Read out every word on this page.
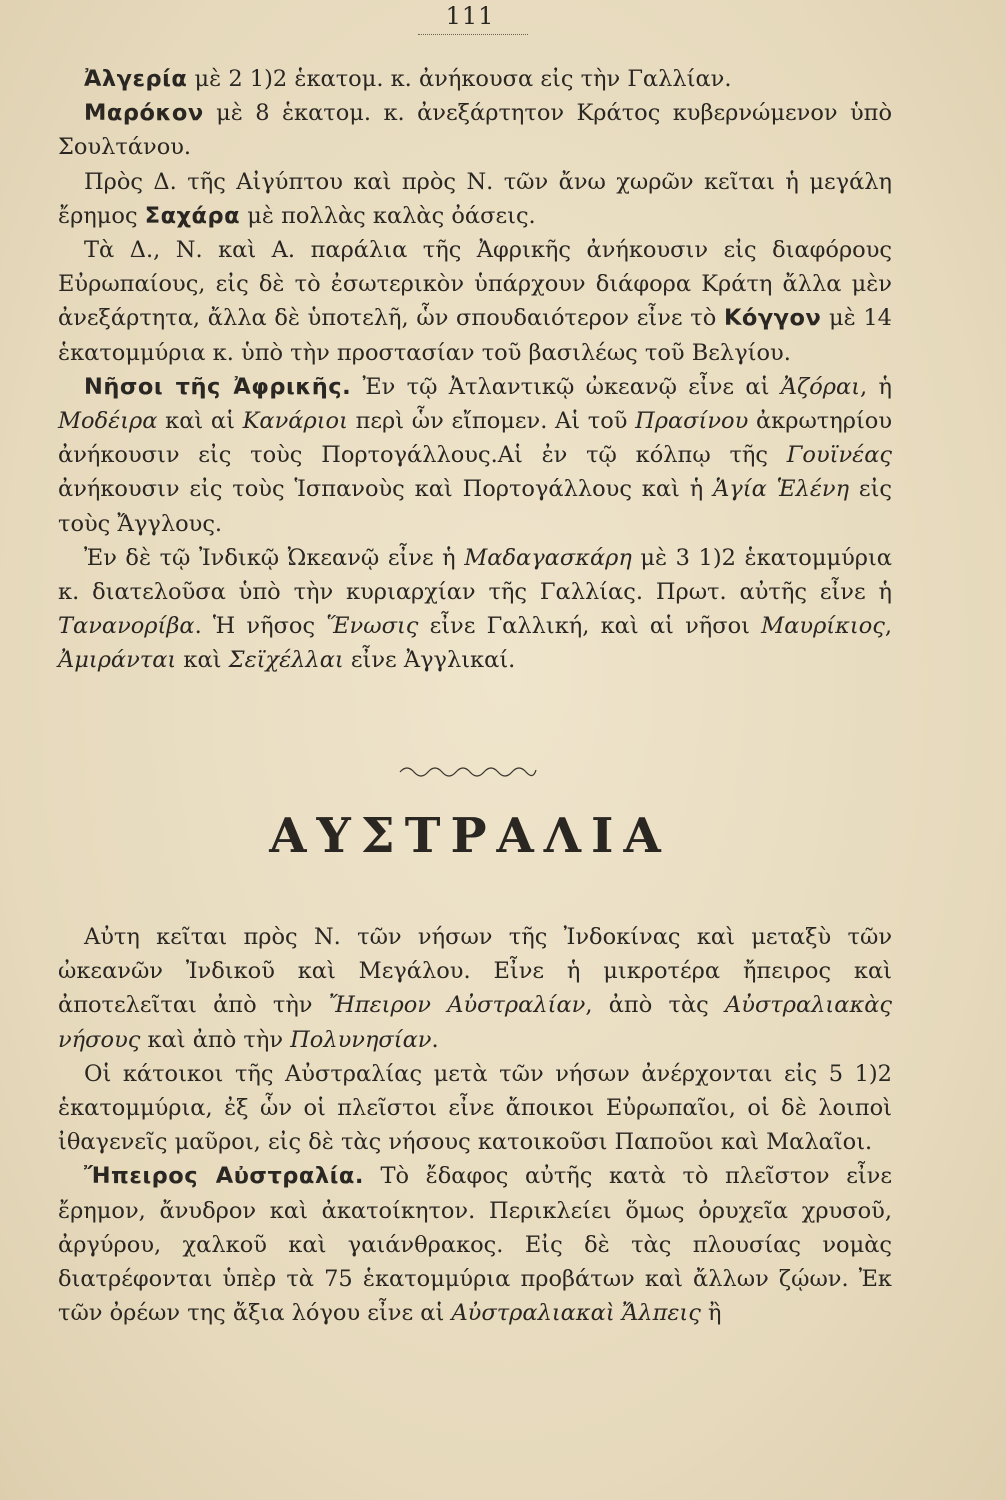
111

Ἀλγερία μὲ 2 1)2 ἑκατομ. κ. ἀνήκουσα εἰς τὴν Γαλλίαν.

Μαρόκον μὲ 8 ἑκατομ. κ. ἀνεξάρτητον Κράτος κυβερνώμενον ὑπὸ Σουλτάνου.

Πρὸς Δ. τῆς Αἰγύπτου καὶ πρὸς Ν. τῶν ἄνω χωρῶν κεῖται ἡ μεγάλη ἔρημος Σαχάρα μὲ πολλὰς καλὰς ὀάσεις.

Τὰ Δ., Ν. καὶ Α. παράλια τῆς Ἀφρικῆς ἀνήκουσιν εἰς διαφόρους Εὐρωπαίους, εἰς δὲ τὸ ἐσωτερικὸν ὑπάρχουν διάφορα Κράτη ἄλλα μὲν ἀνεξάρτητα, ἄλλα δὲ ὑποτελῆ, ὧν σπουδαιότερον εἶνε τὸ Κόγγον μὲ 14 ἑκατομμύρια κ. ὑπὸ τὴν προστασίαν τοῦ βασιλέως τοῦ Βελγίου.

Νῆσοι τῆς Ἀφρικῆς. Ἐν τῷ Ἀτλαντικῷ ὠκεανῷ εἶνε αἱ Ἀζόραι, ἡ Μοδέιρα καὶ αἱ Κανάριοι περὶ ὧν εἴπομεν. Αἱ τοῦ Πρασίνου ἀκρωτηρίου ἀνήκουσιν εἰς τοὺς Πορτογάλλους.Αἱ ἐν τῷ κόλπῳ τῆς Γουϊνέας ἀνήκουσιν εἰς τοὺς Ἱσπανοὺς καὶ Πορτογάλλους καὶ ἡ Ἁγία Ἑλένη εἰς τοὺς Ἄγγλους.

Ἐν δὲ τῷ Ἰνδικῷ Ὠκεανῷ εἶνε ἡ Μαδαγασκάρη μὲ 3 1)2 ἑκατομμύρια κ. διατελοῦσα ὑπὸ τὴν κυριαρχίαν τῆς Γαλλίας. Πρωτ. αὐτῆς εἶνε ἡ Τανανορίβα. Ἡ νῆσος Ἕνωσις εἶνε Γαλλική, καὶ αἱ νῆσοι Μαυρίκιος, Ἀμιράνται καὶ Σεϊχέλλαι εἶνε Ἀγγλικαί.

ΑΥΣΤΡΑΛΙΑ

Αὐτη κεῖται πρὸς Ν. τῶν νήσων τῆς Ἰνδοκίνας καὶ μεταξὺ τῶν ὠκεανῶν Ἰνδικοῦ καὶ Μεγάλου. Εἶνε ἡ μικροτέρα ἤπειρος καὶ ἀποτελεῖται ἀπὸ τὴν Ἤπειρον Αὐστραλίαν, ἀπὸ τὰς Αὐστραλιακὰς νήσους καὶ ἀπὸ τὴν Πολυνησίαν.

Οἱ κάτοικοι τῆς Αὐστραλίας μετὰ τῶν νήσων ἀνέρχονται εἰς 5 1)2 ἑκατομμύρια, ἐξ ὧν οἱ πλεῖστοι εἶνε ἄποικοι Εὐρωπαῖοι, οἱ δὲ λοιποὶ ἰθαγενεῖς μαῦροι, εἰς δὲ τὰς νήσους κατοικοῦσι Παποῦοι καὶ Μαλαῖοι.

Ἤπειρος Αὐστραλία. Τὸ ἔδαφος αὐτῆς κατὰ τὸ πλεῖστον εἶνε ἔρημον, ἄνυδρον καὶ ἀκατοίκητον. Περικλείει ὅμως ὀρυχεῖα χρυσοῦ, ἀργύρου, χαλκοῦ καὶ γαιάνθρακος. Εἰς δὲ τὰς πλουσίας νομὰς διατρέφονται ὑπὲρ τὰ 75 ἑκατομμύρια προβάτων καὶ ἄλλων ζῴων. Ἐκ τῶν ὀρέων της ἄξια λόγου εἶνε αἱ Αὐστραλιακαὶ Ἄλπεις ἢ
